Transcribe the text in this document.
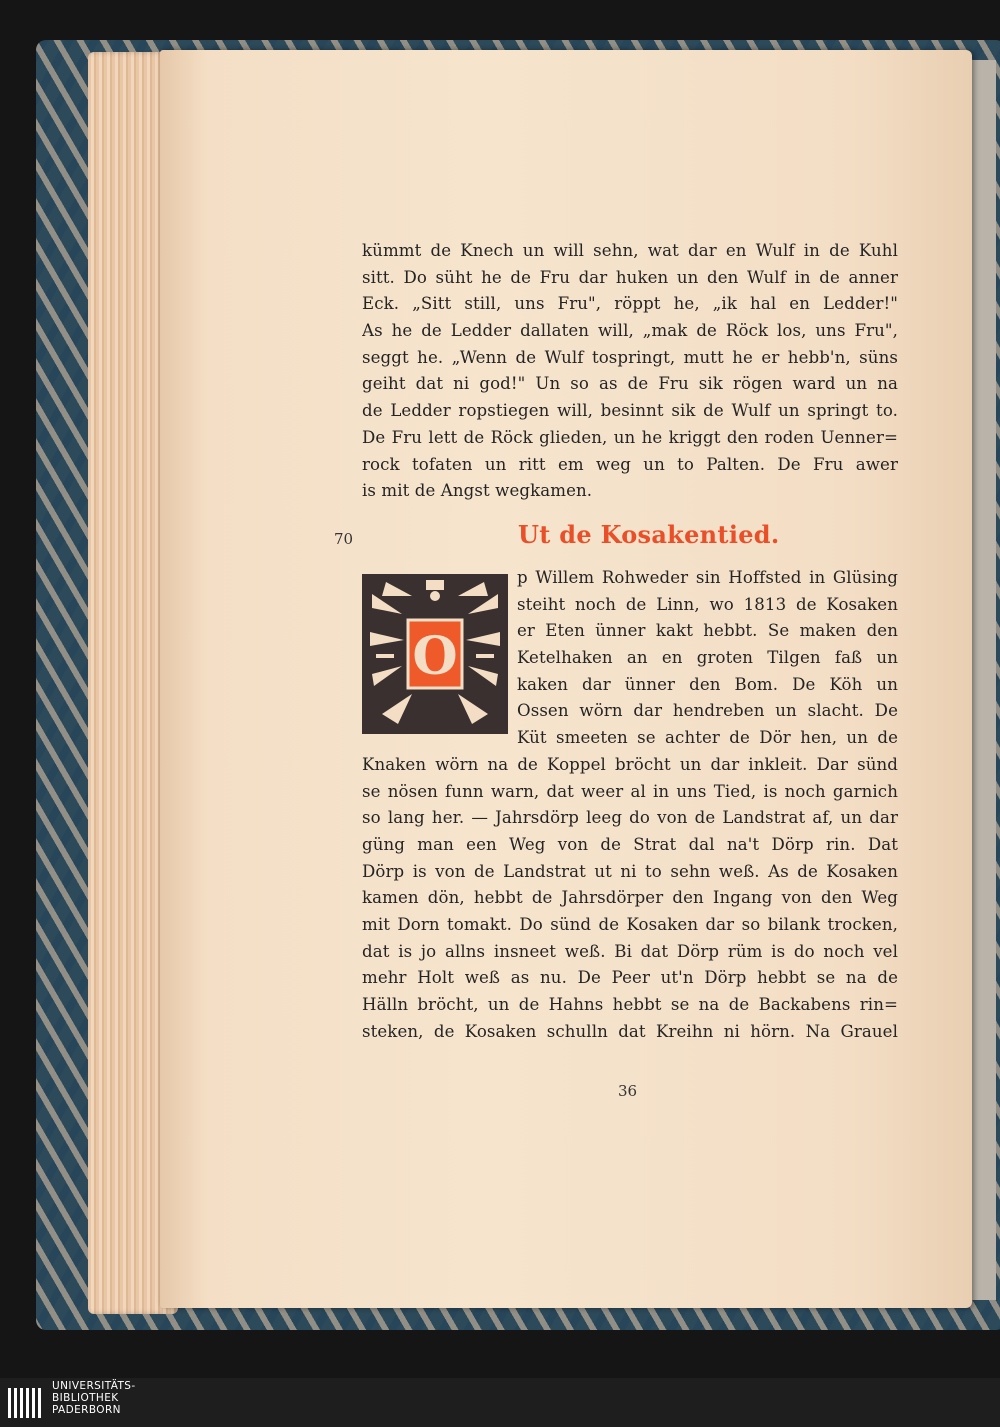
kümmt de Knech un will sehn, wat dar en Wulf in de Kuhl
sitt. Do süht he de Fru dar huken un den Wulf in de anner
Eck. „Sitt still, uns Fru", röppt he, „ik hal en Ledder!"
As he de Ledder dallaten will, „mak de Röck los, uns Fru",
seggt he. „Wenn de Wulf tospringt, mutt he er hebb'n, süns
geiht dat ni god!" Un so as de Fru sik rögen ward un na
de Ledder ropstiegen will, besinnt sik de Wulf un springt to.
De Fru lett de Röck glieden, un he kriggt den roden Uenner=
rock tofaten un ritt em weg un to Palten. De Fru awer
is mit de Angst wegkamen.
70	Ut de Kosakentied.
O
p Willem Rohweder sin Hoffsted in Glüsing
steiht noch de Linn, wo 1813 de Kosaken
er Eten ünner kakt hebbt. Se maken den
Ketelhaken an en groten Tilgen faß un
kaken dar ünner den Bom. De Köh un
Ossen wörn dar hendreben un slacht. De
Küt smeeten se achter de Dör hen, un de
Knaken wörn na de Koppel bröcht un dar inkleit. Dar sünd
se nösen funn warn, dat weer al in uns Tied, is noch garnich
so lang her. — Jahrsdörp leeg do von de Landstrat af, un dar
güng man een Weg von de Strat dal na't Dörp rin. Dat
Dörp is von de Landstrat ut ni to sehn weß. As de Kosaken
kamen dön, hebbt de Jahrsdörper den Ingang von den Weg
mit Dorn tomakt. Do sünd de Kosaken dar so bilank trocken,
dat is jo allns insneet weß. Bi dat Dörp rüm is do noch vel
mehr Holt weß as nu. De Peer ut'n Dörp hebbt se na de
Hälln bröcht, un de Hahns hebbt se na de Backabens rin=
steken, de Kosaken schulln dat Kreihn ni hörn. Na Grauel
36
UNIVERSITÄTS-
BIBLIOTHEK
PADERBORN
